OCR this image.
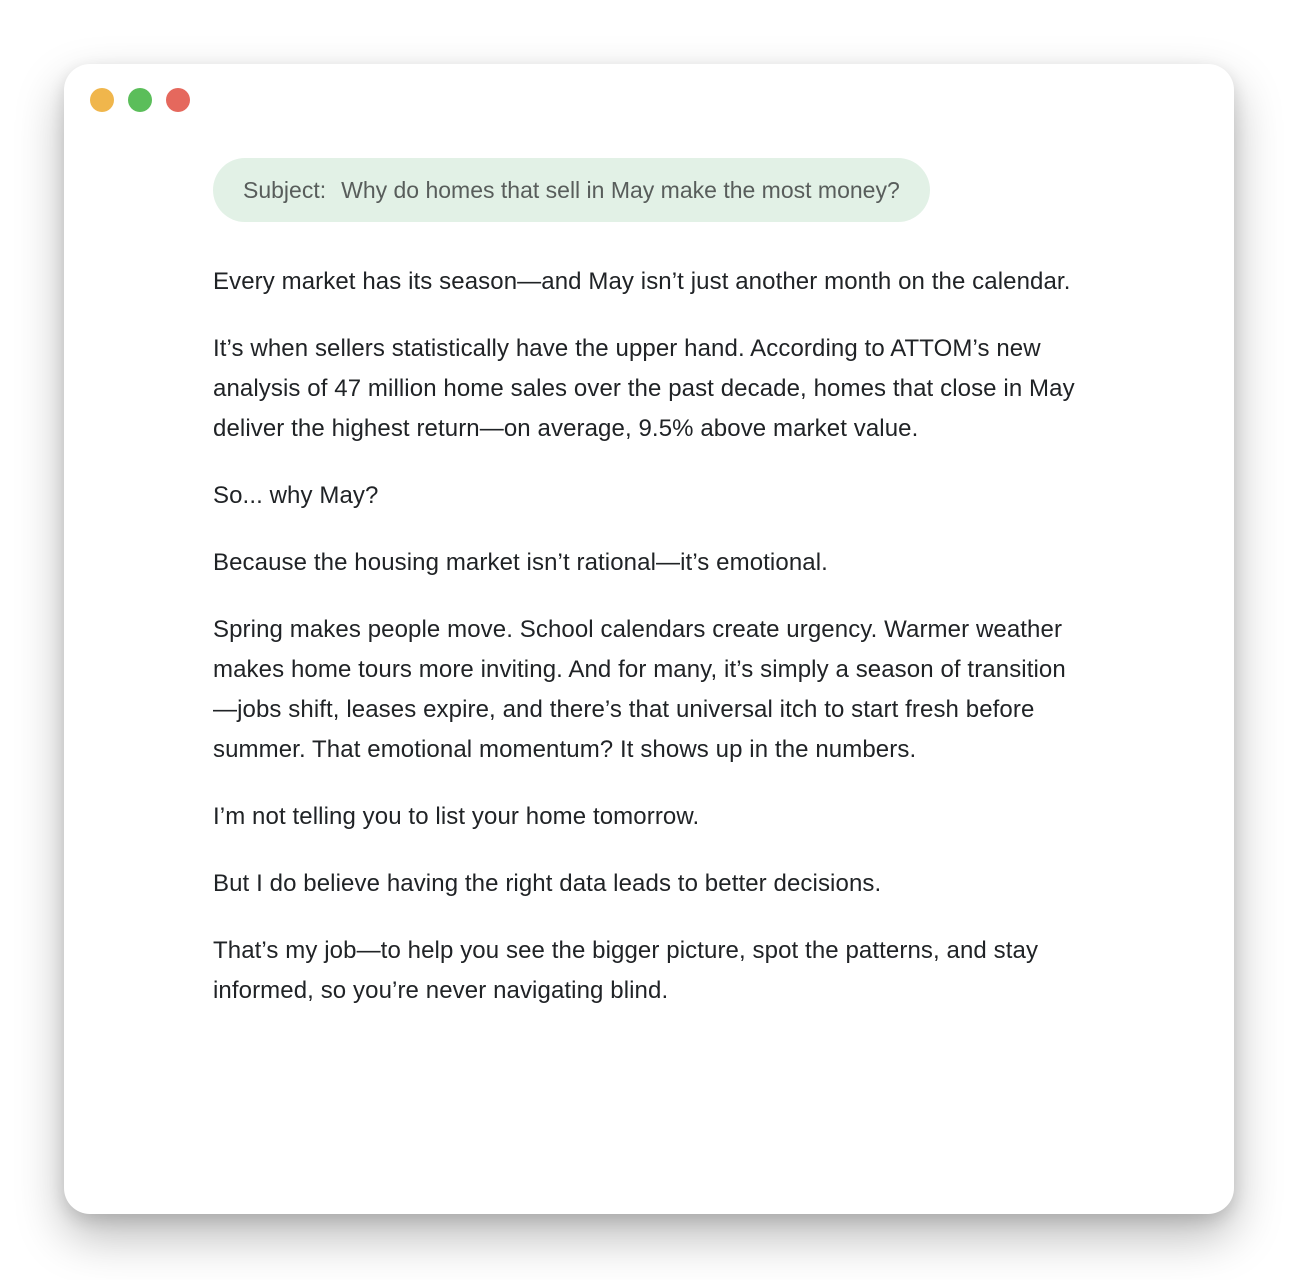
Subject: Why do homes that sell in May make the most money?

Every market has its season—and May isn’t just another month on the calendar.

It’s when sellers statistically have the upper hand. According to ATTOM’s new analysis of 47 million home sales over the past decade, homes that close in May deliver the highest return—on average, 9.5% above market value.

So... why May?

Because the housing market isn’t rational—it’s emotional.

Spring makes people move. School calendars create urgency. Warmer weather makes home tours more inviting. And for many, it’s simply a season of transition—jobs shift, leases expire, and there’s that universal itch to start fresh before summer. That emotional momentum? It shows up in the numbers.

I’m not telling you to list your home tomorrow.

But I do believe having the right data leads to better decisions.

That’s my job—to help you see the bigger picture, spot the patterns, and stay informed, so you’re never navigating blind.
